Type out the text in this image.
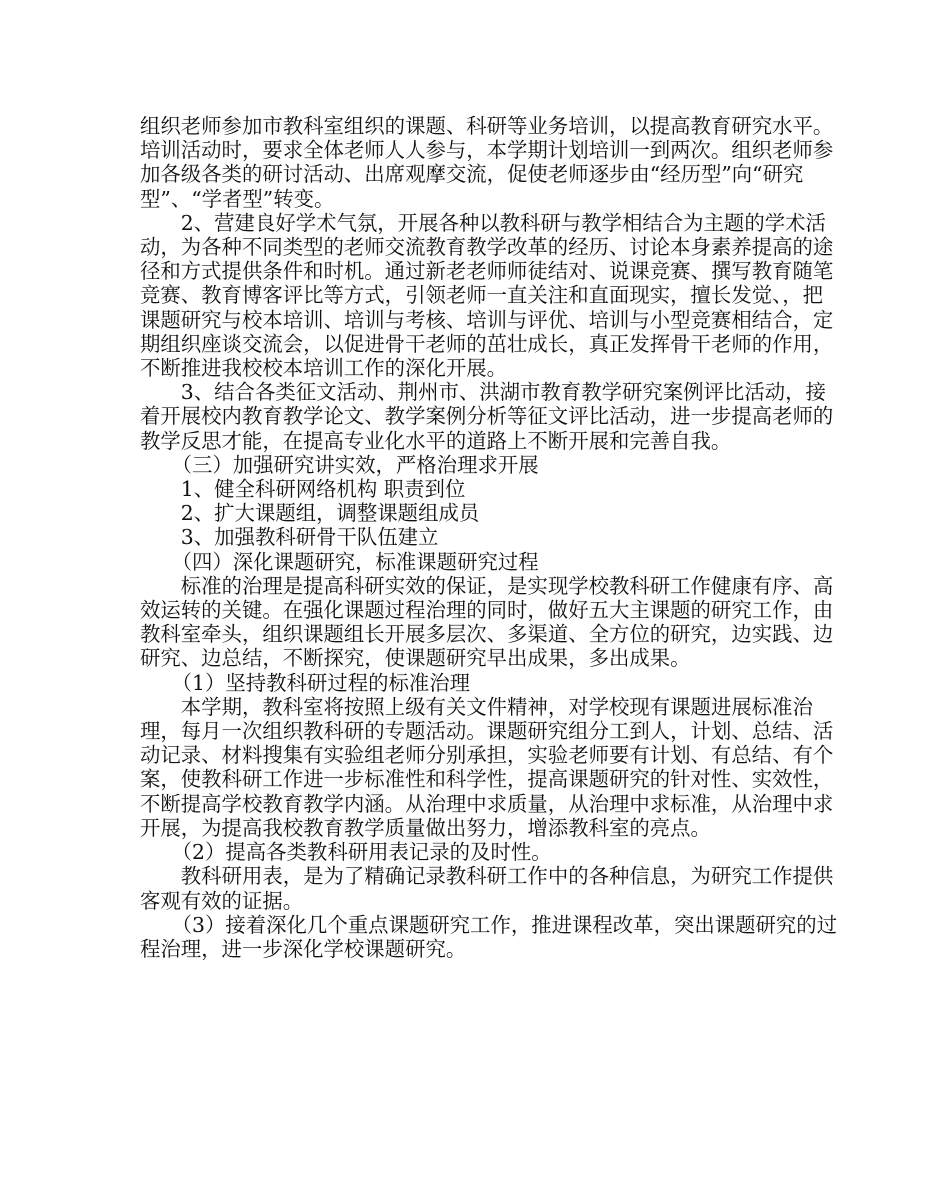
组织老师参加市教科室组织的课题、科研等业务培训，以提高教育研究水平。培训活动时，要求全体老师人人参与，本学期计划培训一到两次。组织老师参加各级各类的研讨活动、出席观摩交流，促使老师逐步由“经历型”向“研究型”、“学者型”转变。

2、营建良好学术气氛，开展各种以教科研与教学相结合为主题的学术活动，为各种不同类型的老师交流教育教学改革的经历、讨论本身素养提高的途径和方式提供条件和时机。通过新老老师师徒结对、说课竞赛、撰写教育随笔竞赛、教育博客评比等方式，引领老师一直关注和直面现实，擅长发觉、，把课题研究与校本培训、培训与考核、培训与评优、培训与小型竞赛相结合，定期组织座谈交流会，以促进骨干老师的茁壮成长，真正发挥骨干老师的作用，不断推进我校校本培训工作的深化开展。

3、结合各类征文活动、荆州市、洪湖市教育教学研究案例评比活动，接着开展校内教育教学论文、教学案例分析等征文评比活动，进一步提高老师的教学反思才能，在提高专业化水平的道路上不断开展和完善自我。

（三）加强研究讲实效，严格治理求开展

1、健全科研网络机构 职责到位

2、扩大课题组，调整课题组成员

3、加强教科研骨干队伍建立

（四）深化课题研究，标准课题研究过程

标准的治理是提高科研实效的保证，是实现学校教科研工作健康有序、高效运转的关键。在强化课题过程治理的同时，做好五大主课题的研究工作，由教科室牵头，组织课题组长开展多层次、多渠道、全方位的研究，边实践、边研究、边总结，不断探究，使课题研究早出成果，多出成果。

（1）坚持教科研过程的标准治理

本学期，教科室将按照上级有关文件精神，对学校现有课题进展标准治理，每月一次组织教科研的专题活动。课题研究组分工到人，计划、总结、活动记录、材料搜集有实验组老师分别承担，实验老师要有计划、有总结、有个案，使教科研工作进一步标准性和科学性，提高课题研究的针对性、实效性，不断提高学校教育教学内涵。从治理中求质量，从治理中求标准，从治理中求开展，为提高我校教育教学质量做出努力，增添教科室的亮点。

（2）提高各类教科研用表记录的及时性。

教科研用表，是为了精确记录教科研工作中的各种信息，为研究工作提供客观有效的证据。

（3）接着深化几个重点课题研究工作，推进课程改革，突出课题研究的过程治理，进一步深化学校课题研究。
